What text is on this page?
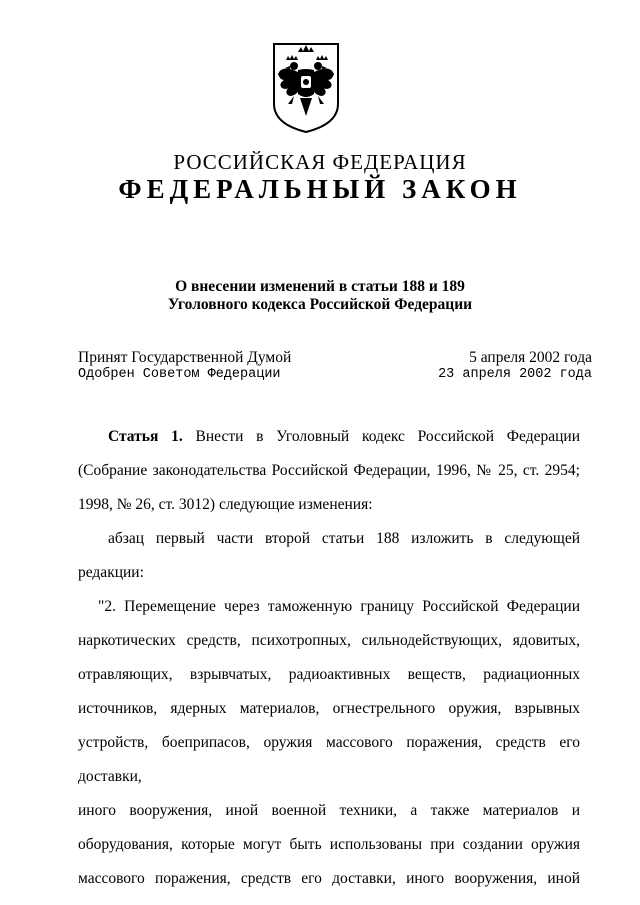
РОССИЙСКАЯ ФЕДЕРАЦИЯ
ФЕДЕРАЛЬНЫЙ ЗАКОН
О внесении изменений в статьи 188 и 189
Уголовного кодекса Российской Федерации
Принят Государственной Думой
Одобрен Советом Федерации
5 апреля 2002 года
23 апреля 2002 года

Статья 1. Внести в Уголовный кодекс Российской Федерации

(Собрание законодательства Российской Федерации, 1996, № 25, ст. 2954;

1998, № 26, ст. 3012) следующие изменения:

абзац первый части второй статьи 188 изложить в следующей редакции:

"2. Перемещение через таможенную границу Российской Федерации

наркотических средств, психотропных, сильнодействующих, ядовитых,

отравляющих, взрывчатых, радиоактивных веществ, радиационных

источников, ядерных материалов, огнестрельного оружия, взрывных

устройств, боеприпасов, оружия массового поражения, средств его доставки,

иного вооружения, иной военной техники, а также материалов и

оборудования, которые могут быть использованы при создании оружия

массового поражения, средств его доставки, иного вооружения, иной
